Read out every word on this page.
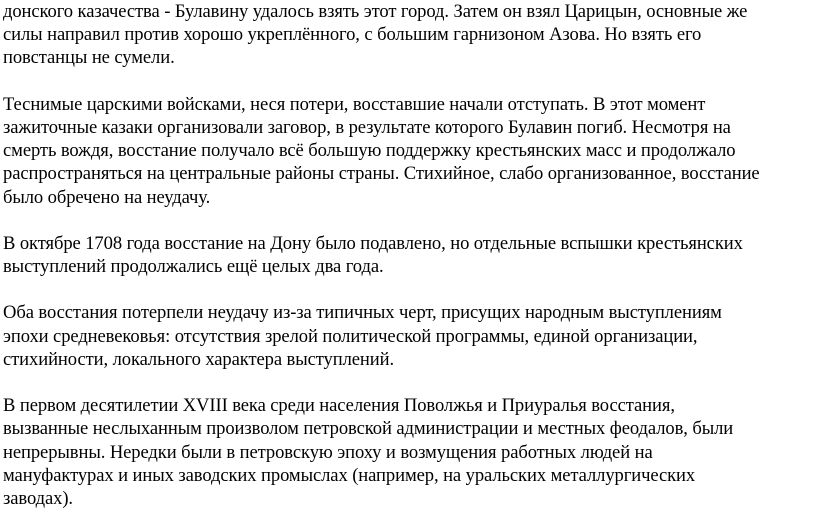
донского казачества - Булавину удалось взять этот город. Затем он взял Царицын, основные же
силы направил против хорошо укреплённого, с большим гарнизоном Азова. Но взять его
повстанцы не сумели.
Теснимые царскими войсками, неся потери, восставшие начали отступать. В этот момент
зажиточные казаки организовали заговор, в результате которого Булавин погиб. Несмотря на
смерть вождя, восстание получало всё большую поддержку крестьянских масс и продолжало
распространяться на центральные районы страны. Стихийное, слабо организованное, восстание
было обречено на неудачу.
В октябре 1708 года восстание на Дону было подавлено, но отдельные вспышки крестьянских
выступлений продолжались ещё целых два года.
Оба восстания потерпели неудачу из-за типичных черт, присущих народным выступлениям
эпохи средневековья: отсутствия зрелой политической программы, единой организации,
стихийности, локального характера выступлений.
В первом десятилетии XVIII века среди населения Поволжья и Приуралья восстания,
вызванные неслыханным произволом петровской администрации и местных феодалов, были
непрерывны. Нередки были в петровскую эпоху и возмущения работных людей на
мануфактурах и иных заводских промыслах (например, на уральских металлургических
заводах).
